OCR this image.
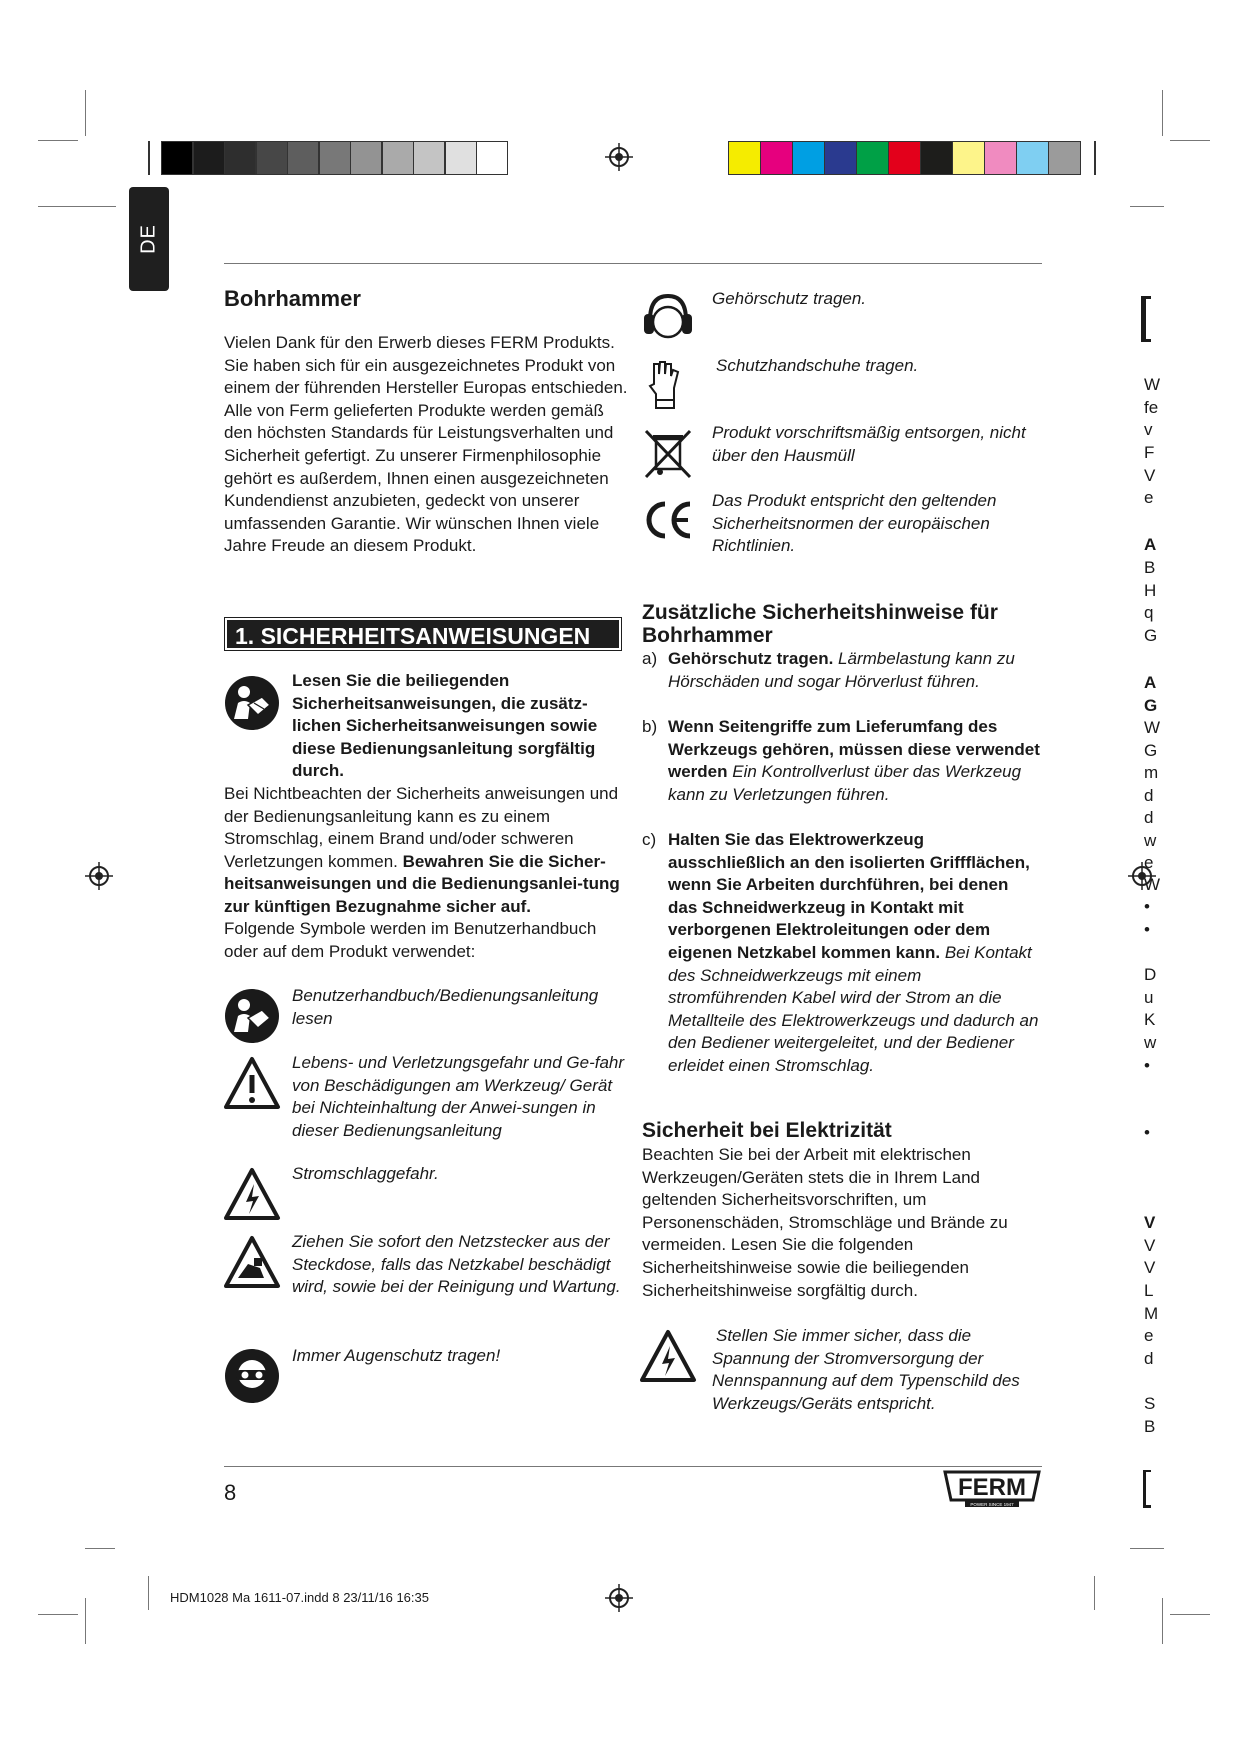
DE
Bohrhammer

Vielen Dank für den Erwerb dieses FERM Produkts. Sie haben sich für ein ausgezeichnetes Produkt von einem der führenden Hersteller Europas entschieden. Alle von Ferm gelieferten Produkte werden gemäß den höchsten Standards für Leistungsverhalten und Sicherheit gefertigt. Zu unserer Firmenphilosophie gehört es außerdem, Ihnen einen ausgezeichneten Kundendienst anzubieten, gedeckt von unserer umfassenden Garantie. Wir wünschen Ihnen viele Jahre Freude an diesem Produkt.

1. SICHERHEITSANWEISUNGEN
Lesen Sie die beiliegenden Sicherheitsanweisungen, die zusätz-lichen Sicherheitsanweisungen sowie diese Bedienungsanleitung sorgfältig durch.
Bei Nichtbeachten der Sicherheits anweisungen und der Bedienungsanleitung kann es zu einem Stromschlag, einem Brand und/oder schweren Verletzungen kommen. Bewahren Sie die Sicher-heitsanweisungen und die Bedienungsanlei-tung zur künftigen Bezugnahme sicher auf.

Folgende Symbole werden im Benutzerhandbuch oder auf dem Produkt verwendet:

Benutzerhandbuch/Bedienungsanleitung lesen

Lebens- und Verletzungsgefahr und Ge-fahr von Beschädigungen am Werkzeug/ Gerät bei Nichteinhaltung der Anwei-sungen in dieser Bedienungsanleitung

Stromschlaggefahr.

Ziehen Sie sofort den Netzstecker aus der Steckdose, falls das Netzkabel beschädigt wird, sowie bei der Reinigung und Wartung.

Immer Augenschutz tragen!

Gehörschutz tragen.

Schutzhandschuhe tragen.

Produkt vorschriftsmäßig entsorgen, nicht über den Hausmüll

Das Produkt entspricht den geltenden Sicherheitsnormen der europäischen Richtlinien.

Zusätzliche Sicherheitshinweise für Bohrhammer
a) Gehörschutz tragen. Lärmbelastung kann zu Hörschäden und sogar Hörverlust führen.
b) Wenn Seitengriffe zum Lieferumfang des Werkzeugs gehören, müssen diese verwendet werden Ein Kontrollverlust über das Werkzeug kann zu Verletzungen führen.
c) Halten Sie das Elektrowerkzeug ausschließlich an den isolierten Griffflächen, wenn Sie Arbeiten durchführen, bei denen das Schneidwerkzeug in Kontakt mit verborgenen Elektroleitungen oder dem eigenen Netzkabel kommen kann. Bei Kontakt des Schneidwerkzeugs mit einem stromführenden Kabel wird der Strom an die Metallteile des Elektrowerkzeugs und dadurch an den Bediener weitergeleitet, und der Bediener erleidet einen Stromschlag.
Sicherheit bei Elektrizität

Beachten Sie bei der Arbeit mit elektrischen Werkzeugen/Geräten stets die in Ihrem Land geltenden Sicherheitsvorschriften, um Personenschäden, Stromschläge und Brände zu vermeiden. Lesen Sie die folgenden Sicherheitshinweise sowie die beiliegenden Sicherheitshinweise sorgfältig durch.

Stellen Sie immer sicher, dass die Spannung der Stromversorgung der Nennspannung auf dem Typenschild des Werkzeugs/Geräts entspricht.

W
fe
v
F
V
e
A
B
H
q
G
A
G
W
G
m
d
d
w
e
W
•
•
D
u
K
w
•
•
V
V
V
L
M
e
d
S
B
8	FERM
POWER SINCE 1947
HDM1028 Ma 1611-07.indd 8 23/11/16 16:35
